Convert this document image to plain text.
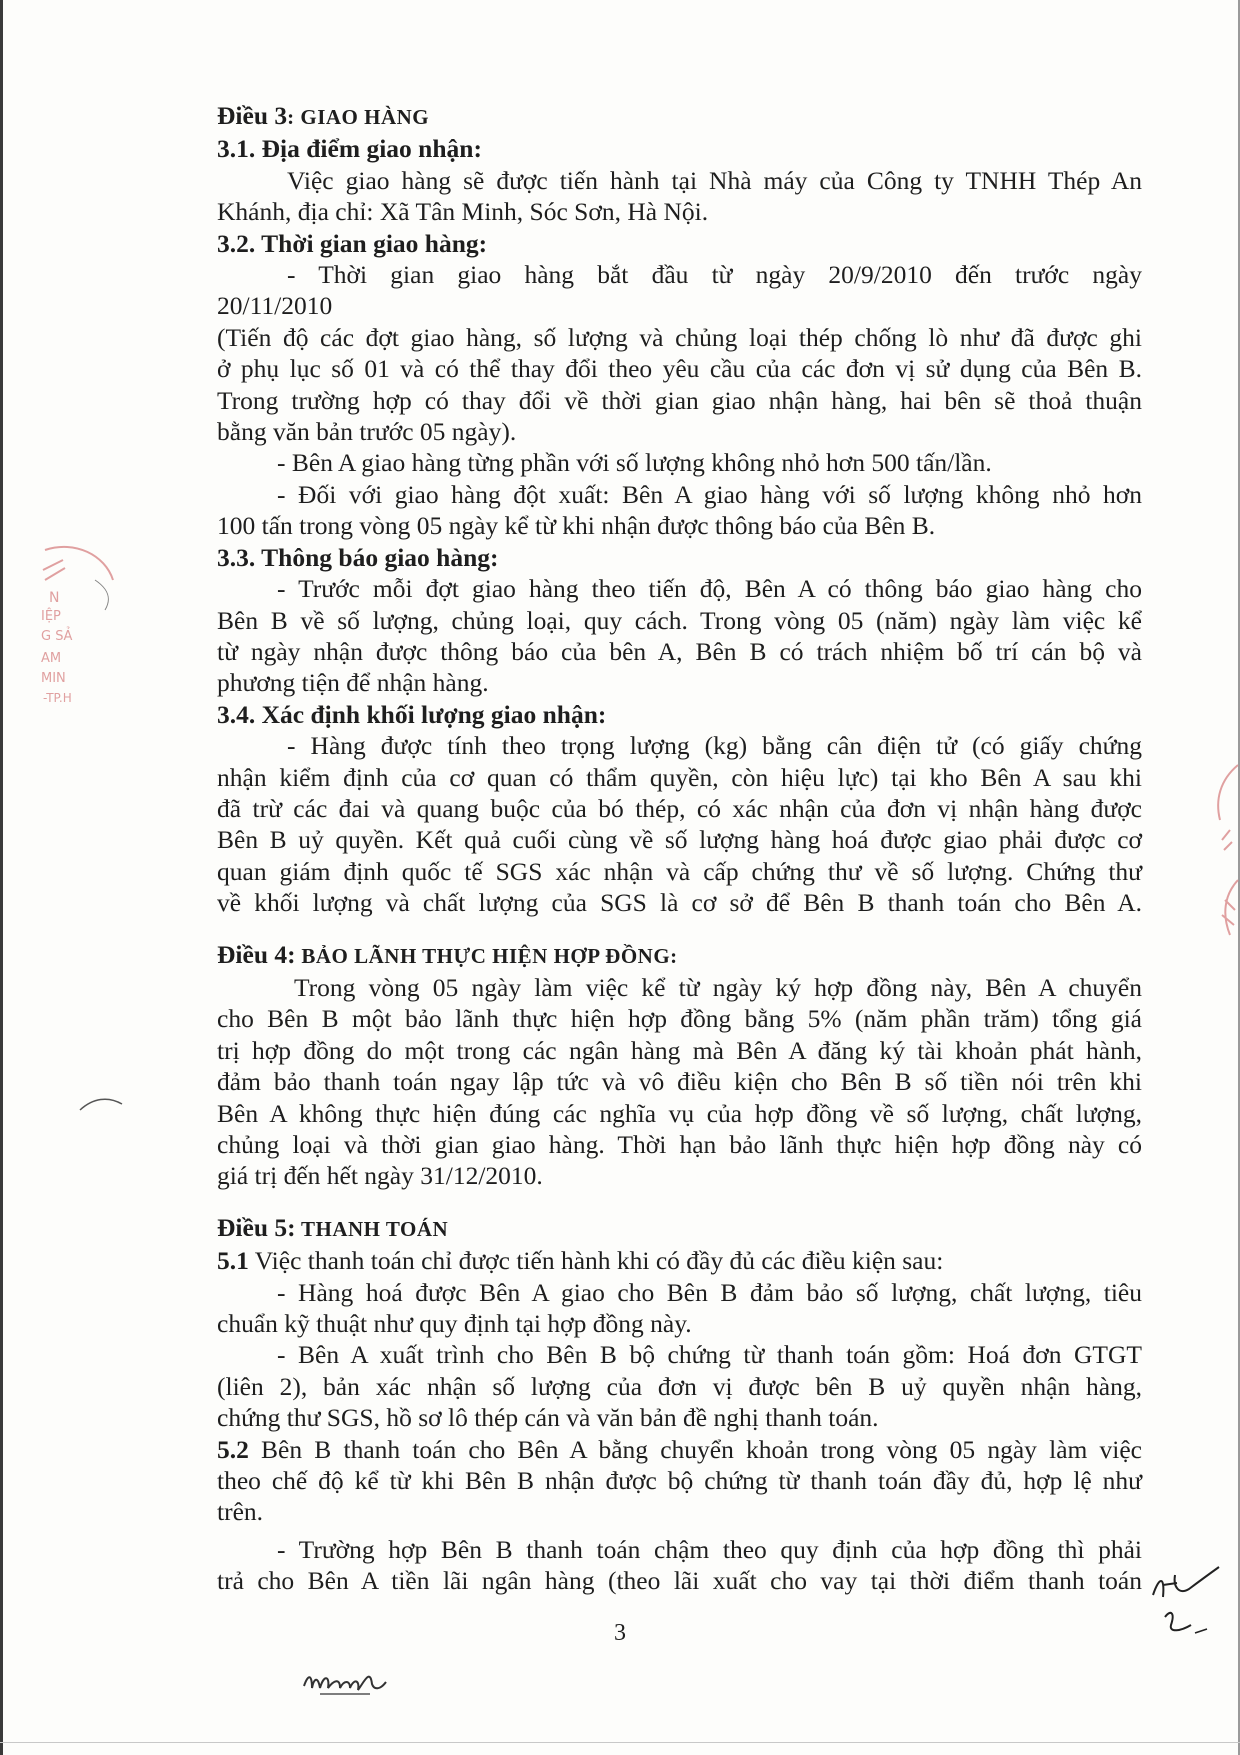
N
IỆP
G SẢ
AM
MIN
-TP.H
Điều 3: GIAO HÀNG
3.1. Địa điểm giao nhận:
Việc giao hàng sẽ được tiến hành tại Nhà máy của Công ty TNHH Thép An
Khánh, địa chỉ: Xã Tân Minh, Sóc Sơn, Hà Nội.
3.2. Thời gian giao hàng:
- Thời gian giao hàng bắt đầu từ ngày 20/9/2010 đến trước ngày
20/11/2010
(Tiến độ các đợt giao hàng, số lượng và chủng loại thép chống lò như đã được ghi
ở phụ lục số 01 và có thể thay đổi theo yêu cầu của các đơn vị sử dụng của Bên B.
Trong trường hợp có thay đổi về thời gian giao nhận hàng, hai bên sẽ thoả thuận
bằng văn bản trước 05 ngày).
- Bên A giao hàng từng phần với số lượng không nhỏ hơn 500 tấn/lần.
- Đối với giao hàng đột xuất: Bên A giao hàng với số lượng không nhỏ hơn
100 tấn trong vòng 05 ngày kể từ khi nhận được thông báo của Bên B.
3.3. Thông báo giao hàng:
- Trước mỗi đợt giao hàng theo tiến độ, Bên A có thông báo giao hàng cho
Bên B về số lượng, chủng loại, quy cách. Trong vòng 05 (năm) ngày làm việc kể
từ ngày nhận được thông báo của bên A, Bên B có trách nhiệm bố trí cán bộ và
phương tiện để nhận hàng.
3.4. Xác định khối lượng giao nhận:
- Hàng được tính theo trọng lượng (kg) bằng cân điện tử (có giấy chứng
nhận kiểm định của cơ quan có thẩm quyền, còn hiệu lực) tại kho Bên A sau khi
đã trừ các đai và quang buộc của bó thép, có xác nhận của đơn vị nhận hàng được
Bên B uỷ quyền. Kết quả cuối cùng về số lượng hàng hoá được giao phải được cơ
quan giám định quốc tế SGS xác nhận và cấp chứng thư về số lượng. Chứng thư
về khối lượng và chất lượng của SGS là cơ sở để Bên B thanh toán cho Bên A.
Điều 4: BẢO LÃNH THỰC HIỆN HỢP ĐỒNG:
Trong vòng 05 ngày làm việc kể từ ngày ký hợp đồng này, Bên A chuyển
cho Bên B một bảo lãnh thực hiện hợp đồng bằng 5% (năm phần trăm) tổng giá
trị hợp đồng do một trong các ngân hàng mà Bên A đăng ký tài khoản phát hành,
đảm bảo thanh toán ngay lập tức và vô điều kiện cho Bên B số tiền nói trên khi
Bên A không thực hiện đúng các nghĩa vụ của hợp đồng về số lượng, chất lượng,
chủng loại và thời gian giao hàng. Thời hạn bảo lãnh thực hiện hợp đồng này có
giá trị đến hết ngày 31/12/2010.
Điều 5: THANH TOÁN
5.1 Việc thanh toán chỉ được tiến hành khi có đầy đủ các điều kiện sau:
- Hàng hoá được Bên A giao cho Bên B đảm bảo số lượng, chất lượng, tiêu
chuẩn kỹ thuật như quy định tại hợp đồng này.
- Bên A xuất trình cho Bên B bộ chứng từ thanh toán gồm: Hoá đơn GTGT
(liên 2), bản xác nhận số lượng của đơn vị được bên B uỷ quyền nhận hàng,
chứng thư SGS, hồ sơ lô thép cán và văn bản đề nghị thanh toán.
5.2 Bên B thanh toán cho Bên A bằng chuyển khoản trong vòng 05 ngày làm việc
theo chế độ kể từ khi Bên B nhận được bộ chứng từ thanh toán đầy đủ, hợp lệ như
trên.
- Trường hợp Bên B thanh toán chậm theo quy định của hợp đồng thì phải
trả cho Bên A tiền lãi ngân hàng (theo lãi xuất cho vay tại thời điểm thanh toán
3
